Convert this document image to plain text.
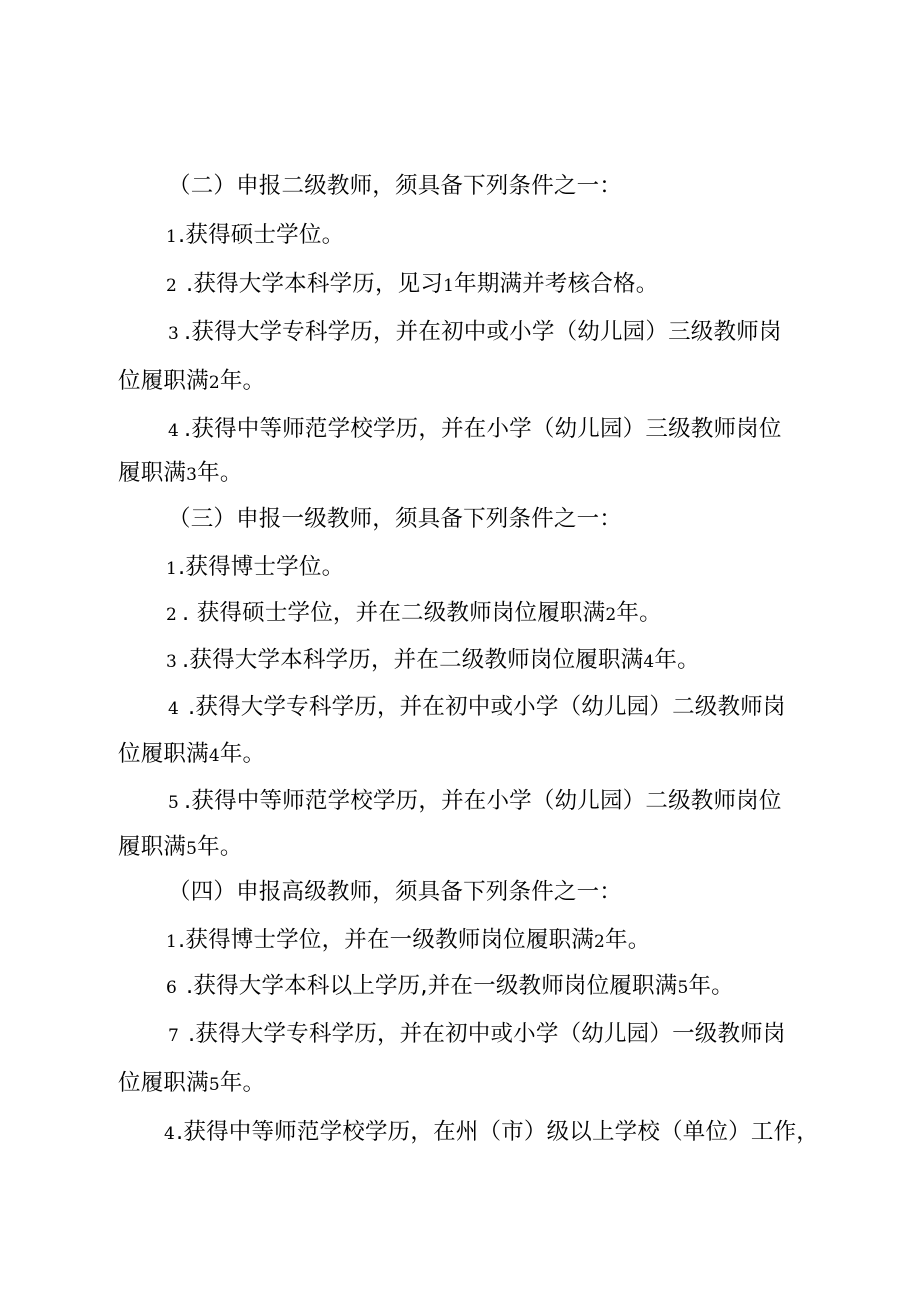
（二）申报二级教师，须具备下列条件之一：
1.获得硕士学位。
2 .获得大学本科学历，见习1年期满并考核合格。
3 .获得大学专科学历，并在初中或小学（幼儿园）三级教师岗
位履职满2年。
4 .获得中等师范学校学历，并在小学（幼儿园）三级教师岗位
履职满3年。
（三）申报一级教师，须具备下列条件之一：
1.获得博士学位。
2 . 获得硕士学位，并在二级教师岗位履职满2年。
3 .获得大学本科学历，并在二级教师岗位履职满4年。
4 .获得大学专科学历，并在初中或小学（幼儿园）二级教师岗
位履职满4年。
5 .获得中等师范学校学历，并在小学（幼儿园）二级教师岗位
履职满5年。
（四）申报高级教师，须具备下列条件之一：
1.获得博士学位，并在一级教师岗位履职满2年。
6 .获得大学本科以上学历,并在一级教师岗位履职满5年。
7 .获得大学专科学历，并在初中或小学（幼儿园）一级教师岗
位履职满5年。
4.获得中等师范学校学历，在州（市）级以上学校（单位）工作，
